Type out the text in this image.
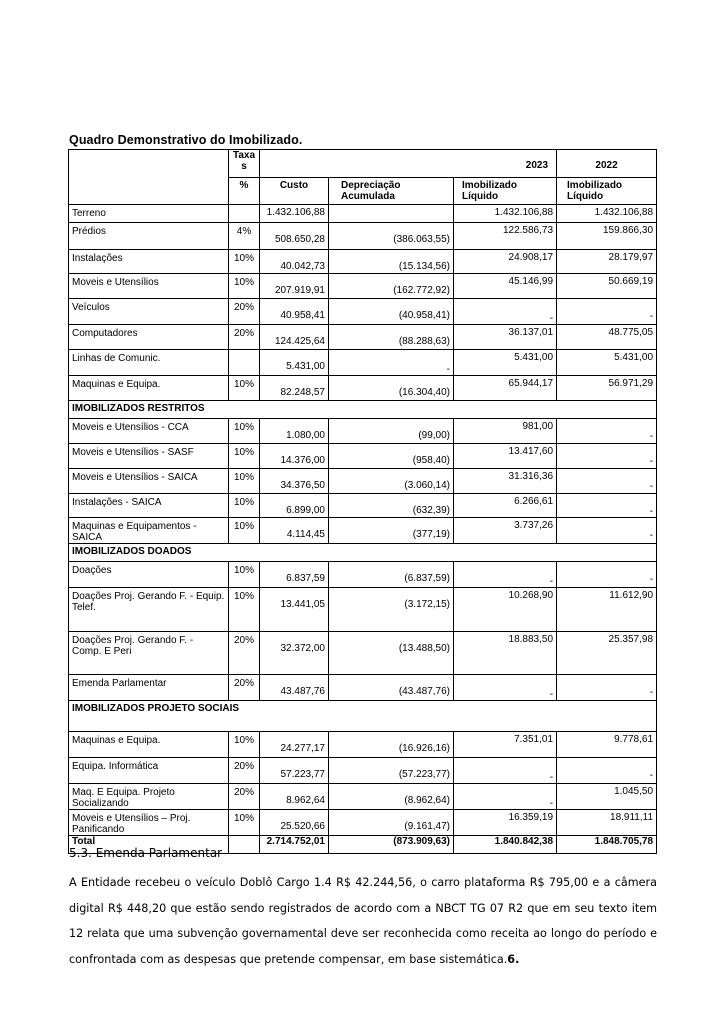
Quadro Demonstrativo do Imobilizado.
	Taxa s	2023			2022
	%	Custo	Depreciação Acumulada	Imobilizado Líquido	Imobilizado Líquido
Terreno		1.432.106,88		1.432.106,88	1.432.106,88
Prédios	4%	508.650,28	(386.063,55)	122.586,73	159.866,30
Instalações	10%	40.042,73	(15.134,56)	24.908,17	28.179,97
Moveis e Utensílios	10%	207.919,91	(162.772,92)	45.146,99	50.669,19
Veículos	20%	40.958,41	(40.958,41)	-	-
Computadores	20%	124.425,64	(88.288,63)	36.137,01	48.775,05
Linhas de Comunic.		5.431,00	-	5.431,00	5.431,00
Maquinas e Equipa.	10%	82.248,57	(16.304,40)	65.944,17	56.971,29
IMOBILIZADOS RESTRITOS					
Moveis e Utensílios - CCA	10%	1.080,00	(99,00)	981,00	-
Moveis e Utensílios - SASF	10%	14.376,00	(958,40)	13.417,60	-
Moveis e Utensílios - SAICA	10%	34.376,50	(3.060,14)	31.316,36	-
Instalações - SAICA	10%	6.899,00	(632,39)	6.266,61	-
Maquinas e Equipamentos - SAICA	10%	4.114,45	(377,19)	3.737,26	-
IMOBILIZADOS DOADOS					
Doações	10%	6.837,59	(6.837,59)	-	-
Doações Proj. Gerando F. - Equip. Telef.	10%	13.441,05	(3.172,15)	10.268,90	11.612,90
Doações Proj. Gerando F. - Comp. E Peri	20%	32.372,00	(13.488,50)	18.883,50	25.357,98
Emenda Parlamentar	20%	43.487,76	(43.487,76)	-	-
IMOBILIZADOS PROJETO SOCIAIS					
Maquinas e Equipa.	10%	24.277,17	(16.926,16)	7.351,01	9.778,61
Equipa. Informática	20%	57.223,77	(57.223,77)	-	-
Maq. E Equipa. Projeto Socializando	20%	8.962,64	(8.962,64)	-	1.045,50
Moveis e Utensílios – Proj. Panificando	10%	25.520,66	(9.161,47)	16.359,19	18.911,11
Total		2.714.752,01	(873.909,63)	1.840.842,38	1.848.705,78
5.3. Emenda Parlamentar
A Entidade recebeu o veículo Doblô Cargo 1.4 R$ 42.244,56, o carro plataforma R$ 795,00 e a câmera digital R$ 448,20 que estão sendo registrados de acordo com a NBCT TG 07 R2 que em seu texto item 12 relata que uma subvenção governamental deve ser reconhecida como receita ao longo do período e confrontada com as despesas que pretende compensar, em base sistemática.6.
